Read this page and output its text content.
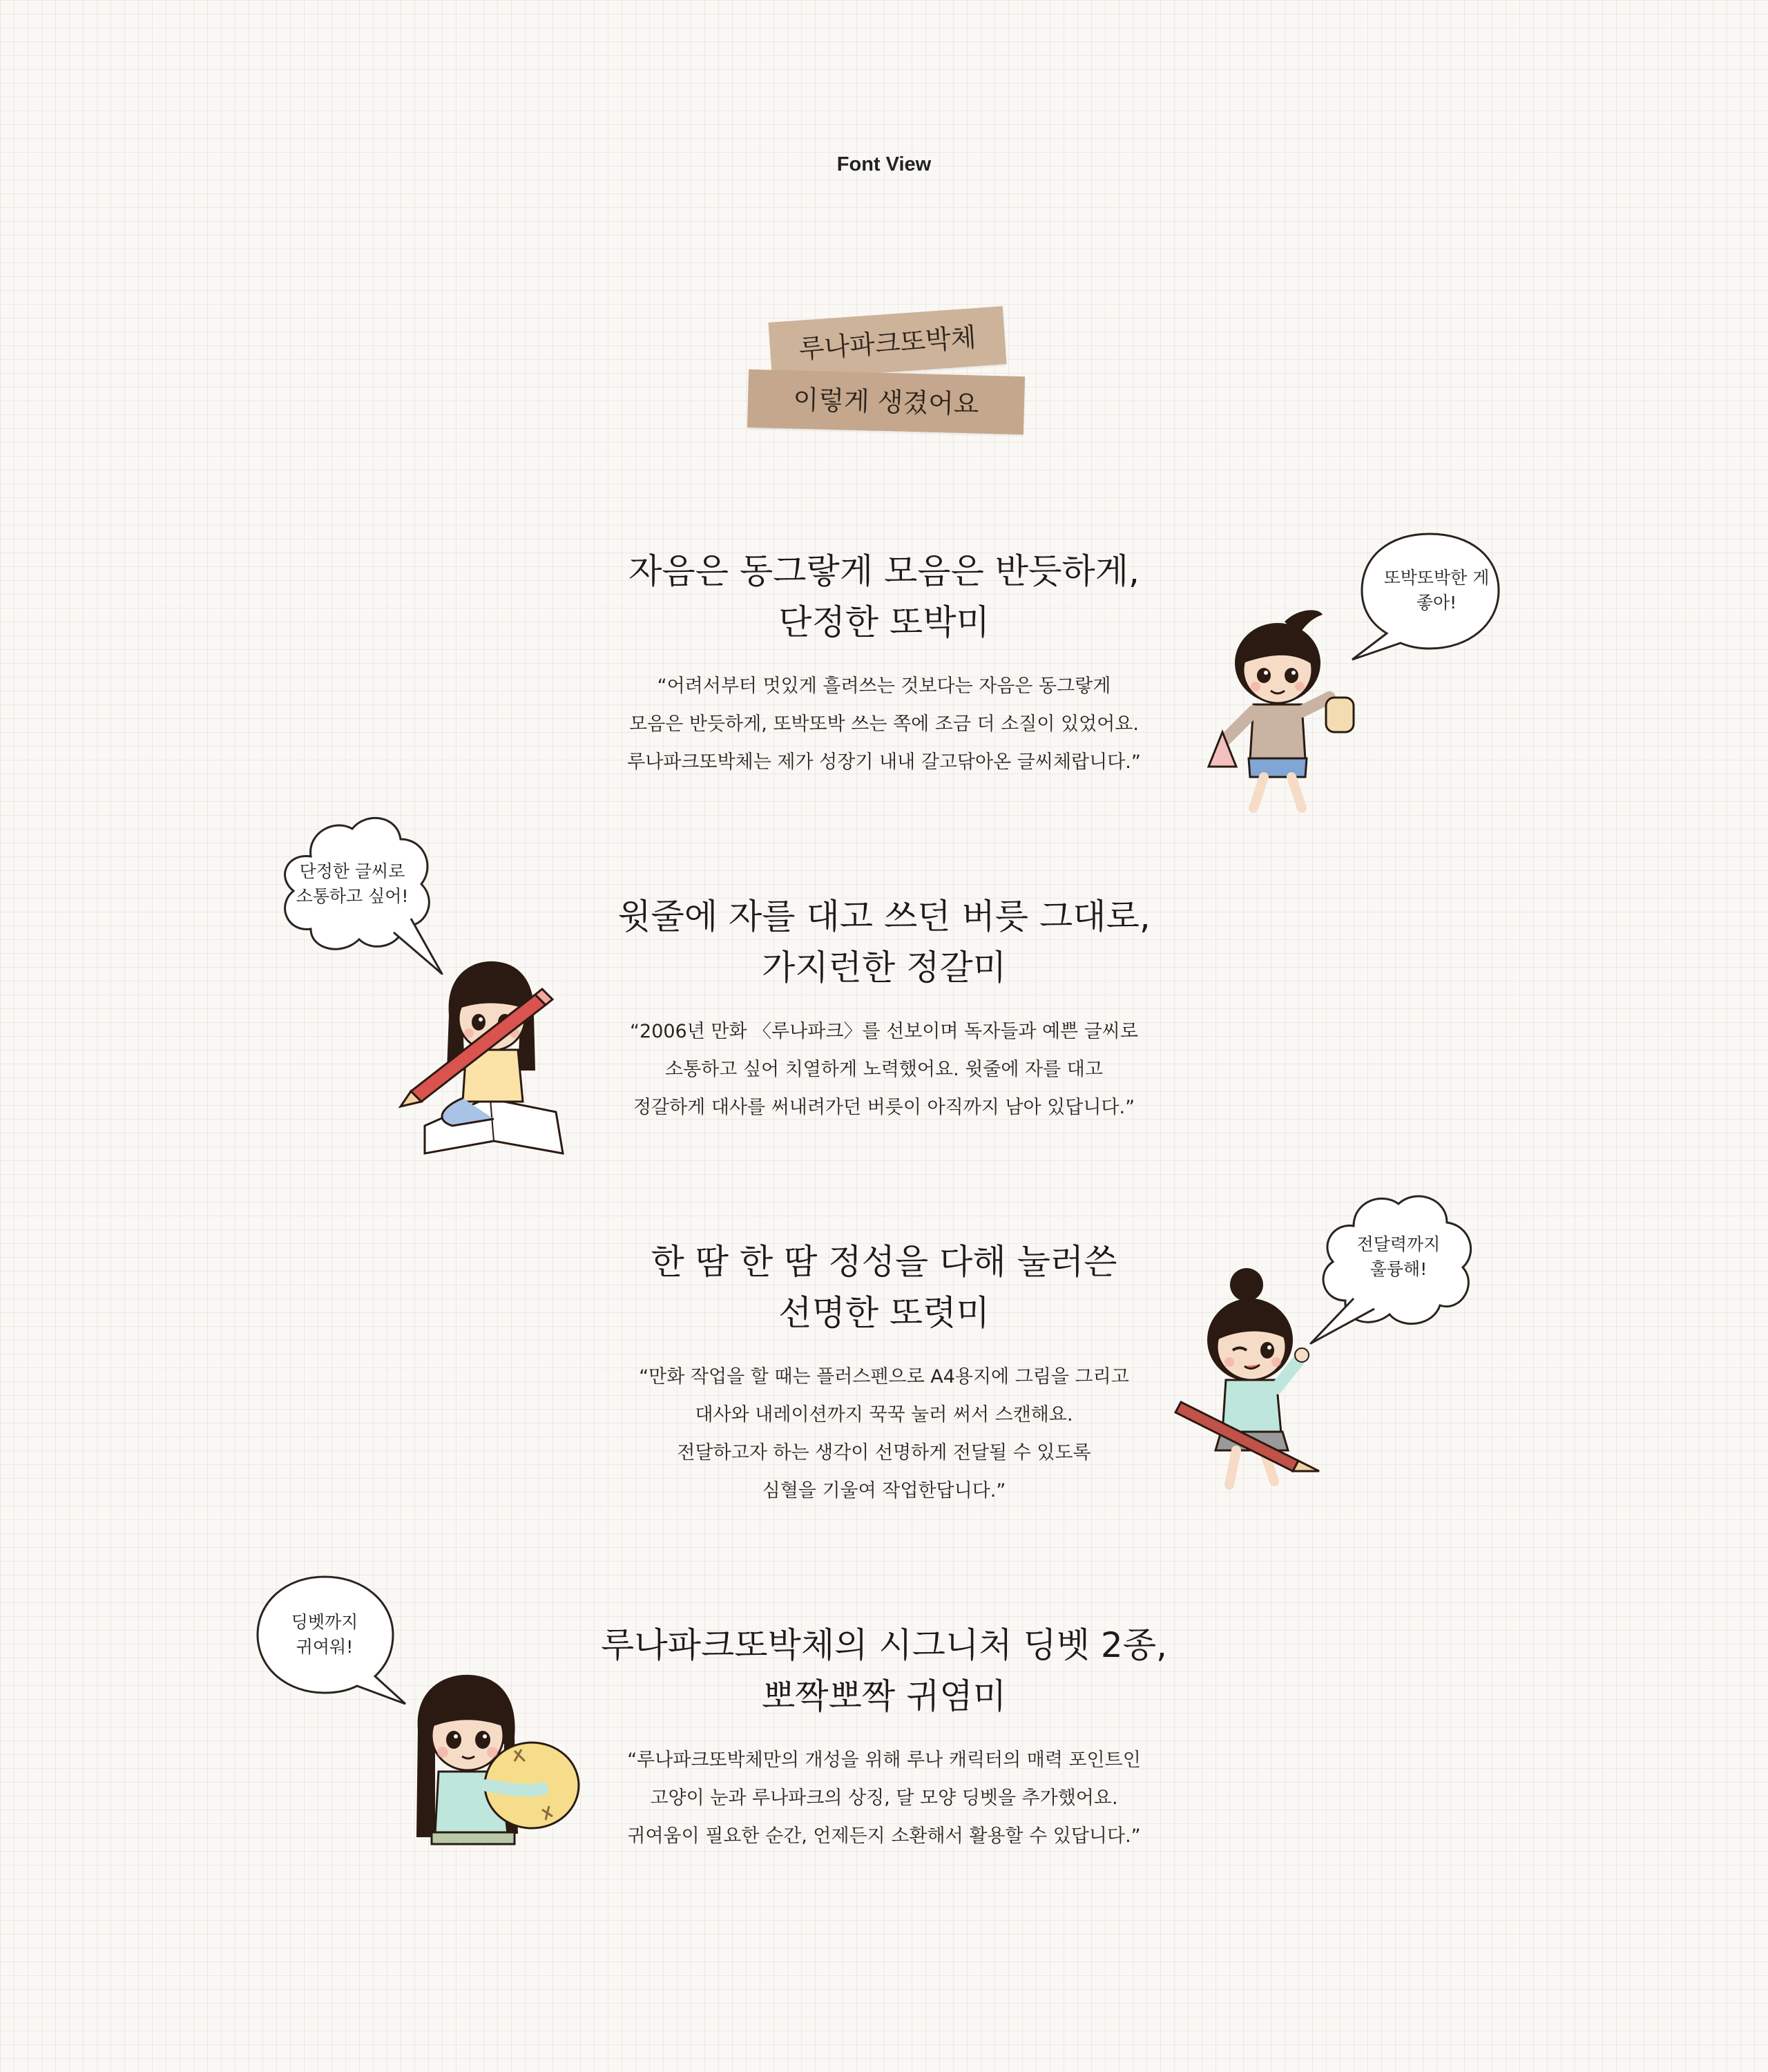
Font View
루나파크또박체
이렇게 생겼어요
자음은 동그랗게 모음은 반듯하게,
단정한 또박미

“어려서부터 멋있게 흘려쓰는 것보다는 자음은 동그랗게

모음은 반듯하게, 또박또박 쓰는 쪽에 조금 더 소질이 있었어요.

루나파크또박체는 제가 성장기 내내 갈고닦아온 글씨체랍니다.”

또박또박한 게
좋아!
윗줄에 자를 대고 쓰던 버릇 그대로,
가지런한 정갈미

“2006년 만화 〈루나파크〉를 선보이며 독자들과 예쁜 글씨로

소통하고 싶어 치열하게 노력했어요. 윗줄에 자를 대고

정갈하게 대사를 써내려가던 버릇이 아직까지 남아 있답니다.”

단정한 글씨로
소통하고 싶어!
한 땀 한 땀 정성을 다해 눌러쓴
선명한 또렷미

“만화 작업을 할 때는 플러스펜으로 A4용지에 그림을 그리고

대사와 내레이션까지 꾹꾹 눌러 써서 스캔해요.

전달하고자 하는 생각이 선명하게 전달될 수 있도록

심혈을 기울여 작업한답니다.”

전달력까지
훌륭해!
루나파크또박체의 시그니처 딩벳 2종,
뽀짝뽀짝 귀염미

“루나파크또박체만의 개성을 위해 루나 캐릭터의 매력 포인트인

고양이 눈과 루나파크의 상징, 달 모양 딩벳을 추가했어요.

귀여움이 필요한 순간, 언제든지 소환해서 활용할 수 있답니다.”

딩벳까지
귀여워!
